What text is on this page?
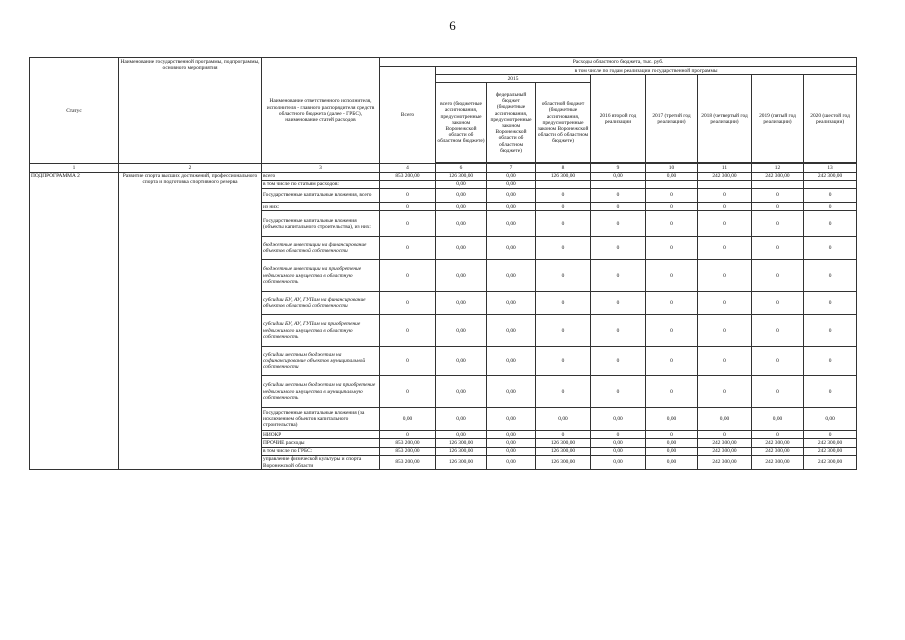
6
Статус	Наименование государственной программы, подпрограммы, основного мероприятия	Наименование ответственного исполнителя, исполнителя - главного распорядителя средств областного бюджета (далее - ГРБС), наименование статей расходов	Расходы областного бюджета, тыс. руб.								
			Всего	в том числе по годам реализации государственной программы							
				2015			2016 второй год реализации	2017 (третий год реализации)	2018 (четвертый год реализации)	2019 (пятый год реализации)	2020 (шестой год реализации)
				всего (бюджетные ассигнования, предусмотренные законом Воронежской области об областном бюджете)	федеральный бюджет (бюджетные ассигнования, предусмотренные законом Воронежской области об областном бюджете)	областной бюджет (бюджетные ассигнования, предусмотренные законом Воронежской области об областном бюджете)					

1	2	3	4	6	7	8	9	10	11	12	13
ПОДПРОГРАММА 2	Развитие спорта высших достижений, профессионального спорта и подготовка спортивного резерва	всего	853 200,00	126 300,00	0,00	126 300,00	0,00	0,00	242 300,00	242 300,00	242 300,00
		в том числе по статьям расходов:		0,00	0,00						
		Государственные капитальные вложения, всего	0	0,00	0,00	0	0	0	0	0	0
		из них:	0	0,00	0,00	0	0	0	0	0	0
		Государственные капитальные вложения (объекты капитального строительства), из них:	0	0,00	0,00	0	0	0	0	0	0
		бюджетные инвестиции на финансирование объектов областной собственности	0	0,00	0,00	0	0	0	0	0	0
		бюджетные инвестиции на приобретение недвижимого имущества в областную собственность	0	0,00	0,00	0	0	0	0	0	0
		субсидии БУ, АУ, ГУПам на финансирование объектов областной собственности	0	0,00	0,00	0	0	0	0	0	0
		субсидии БУ, АУ, ГУПам на приобретение недвижимого имущества в областную собственность	0	0,00	0,00	0	0	0	0	0	0
		субсидии местным бюджетам на софинансирование объектов муниципальной собственности	0	0,00	0,00	0	0	0	0	0	0
		субсидии местным бюджетам на приобретение недвижимого имущества в муниципальную собственность	0	0,00	0,00	0	0	0	0	0	0
		Государственные капитальные вложения (за исключением объектов капитального строительства)	0,00	0,00	0,00	0,00	0,00	0,00	0,00	0,00	0,00
		НИОКР	0	0,00	0,00	0	0	0	0	0	0
		ПРОЧИЕ расходы	853 200,00	126 300,00	0,00	126 300,00	0,00	0,00	242 300,00	242 300,00	242 300,00
		в том числе по ГРБС:	853 200,00	126 300,00	0,00	126 300,00	0,00	0,00	242 300,00	242 300,00	242 300,00
		управление физической культуры и спорта Воронежской области	853 200,00	126 300,00	0,00	126 300,00	0,00	0,00	242 300,00	242 300,00	242 300,00
